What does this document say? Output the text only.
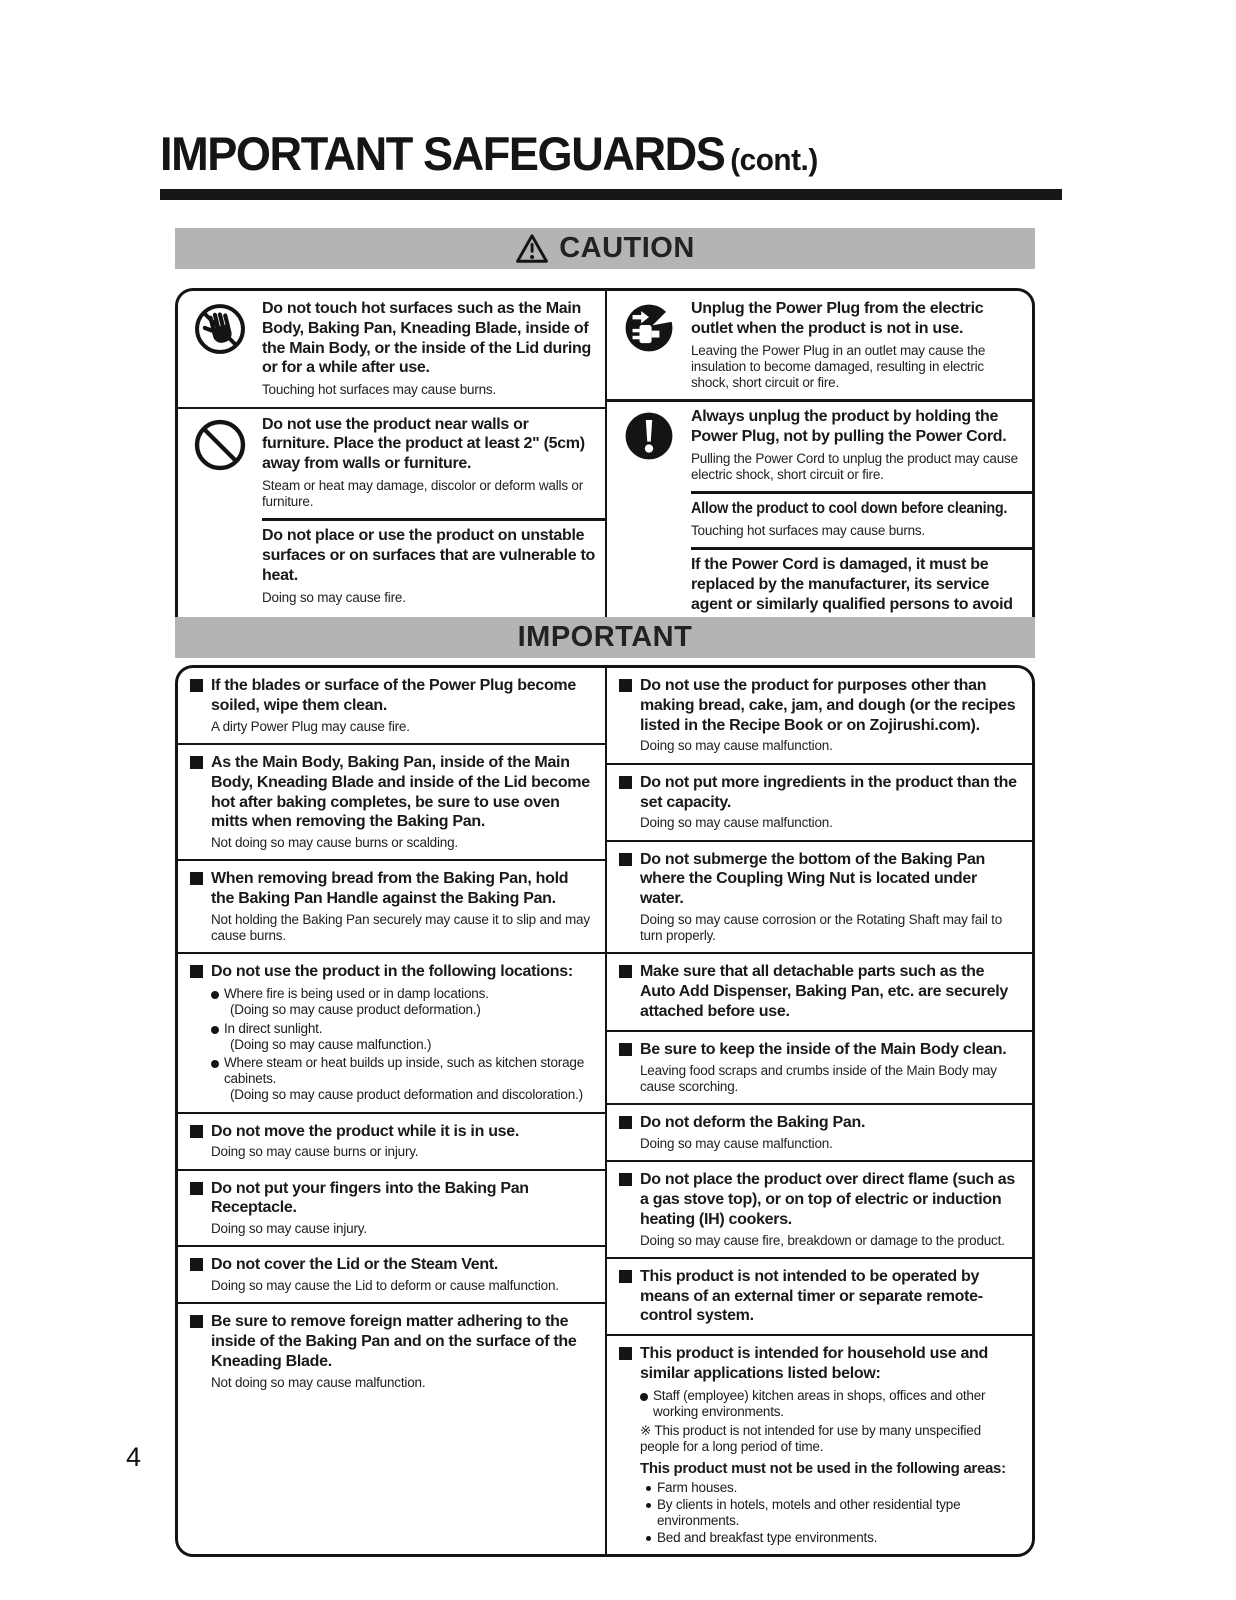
IMPORTANT SAFEGUARDS (cont.)
CAUTION

Do not touch hot surfaces such as the Main Body, Baking Pan, Kneading Blade, inside of the Main Body, or the inside of the Lid during or for a while after use.

Touching hot surfaces may cause burns.

Do not use the product near walls or furniture. Place the product at least 2" (5cm) away from walls or furniture.

Steam or heat may damage, discolor or deform walls or furniture.

Do not place or use the product on unstable surfaces or on surfaces that are vulnerable to heat.

Doing so may cause fire.

Unplug the Power Plug from the electric outlet when the product is not in use.

Leaving the Power Plug in an outlet may cause the insulation to become damaged, resulting in electric shock, short circuit or fire.

Always unplug the product by holding the Power Plug, not by pulling the Power Cord.

Pulling the Power Cord to unplug the product may cause electric shock, short circuit or fire.

Allow the product to cool down before cleaning.

Touching hot surfaces may cause burns.

If the Power Cord is damaged, it must be replaced by the manufacturer, its service agent or similarly qualified persons to avoid

IMPORTANT

If the blades or surface of the Power Plug become soiled, wipe them clean.

A dirty Power Plug may cause fire.

As the Main Body, Baking Pan, inside of the Main Body, Kneading Blade and inside of the Lid become hot after baking completes, be sure to use oven mitts when removing the Baking Pan.

Not doing so may cause burns or scalding.

When removing bread from the Baking Pan, hold the Baking Pan Handle against the Baking Pan.

Not holding the Baking Pan securely may cause it to slip and may cause burns.

Do not use the product in the following locations:

Where fire is being used or in damp locations.

(Doing so may cause product deformation.)

In direct sunlight.

(Doing so may cause malfunction.)

Where steam or heat builds up inside, such as kitchen storage cabinets.

(Doing so may cause product deformation and discoloration.)

Do not move the product while it is in use.

Doing so may cause burns or injury.

Do not put your fingers into the Baking Pan Receptacle.

Doing so may cause injury.

Do not cover the Lid or the Steam Vent.

Doing so may cause the Lid to deform or cause malfunction.

Be sure to remove foreign matter adhering to the inside of the Baking Pan and on the surface of the Kneading Blade.

Not doing so may cause malfunction.

Do not use the product for purposes other than making bread, cake, jam, and dough (or the recipes listed in the Recipe Book or on Zojirushi.com).

Doing so may cause malfunction.

Do not put more ingredients in the product than the set capacity.

Doing so may cause malfunction.

Do not submerge the bottom of the Baking Pan where the Coupling Wing Nut is located under water.

Doing so may cause corrosion or the Rotating Shaft may fail to turn properly.

Make sure that all detachable parts such as the Auto Add Dispenser, Baking Pan, etc. are securely attached before use.

Be sure to keep the inside of the Main Body clean.

Leaving food scraps and crumbs inside of the Main Body may cause scorching.

Do not deform the Baking Pan.

Doing so may cause malfunction.

Do not place the product over direct flame (such as a gas stove top), or on top of electric or induction heating (IH) cookers.

Doing so may cause fire, breakdown or damage to the product.

This product is not intended to be operated by means of an external timer or separate remote-control system.

This product is intended for household use and similar applications listed below:

Staff (employee) kitchen areas in shops, offices and other working environments.

※ This product is not intended for use by many unspecified people for a long period of time.

This product must not be used in the following areas:

Farm houses.

By clients in hotels, motels and other residential type environments.

Bed and breakfast type environments.

4
